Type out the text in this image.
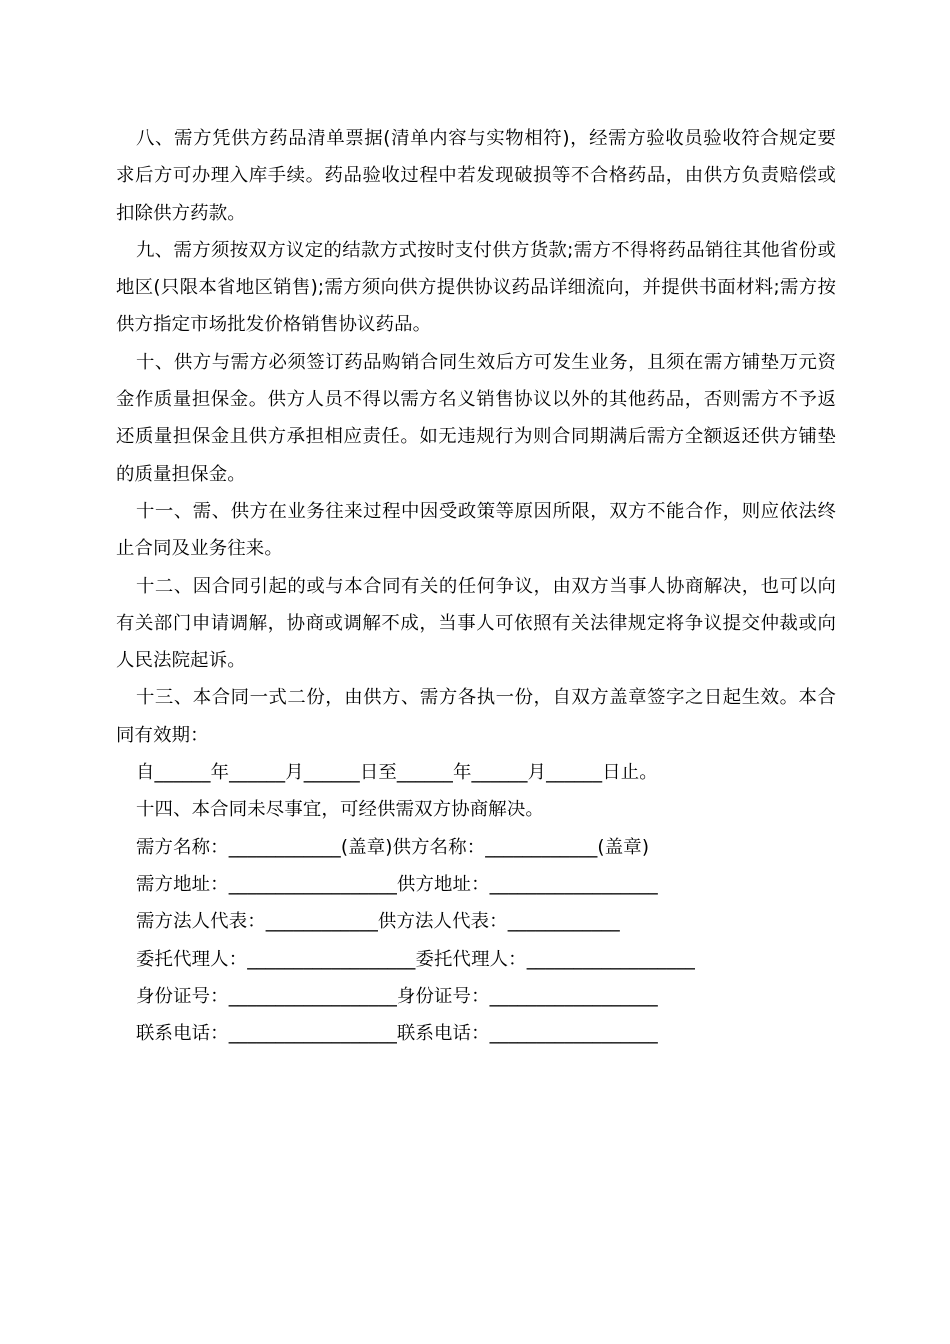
八、需方凭供方药品清单票据(清单内容与实物相符)，经需方验收员验收符合规定要求后方可办理入库手续。药品验收过程中若发现破损等不合格药品，由供方负责赔偿或扣除供方药款。

九、需方须按双方议定的结款方式按时支付供方货款;需方不得将药品销往其他省份或地区(只限本省地区销售);需方须向供方提供协议药品详细流向，并提供书面材料;需方按供方指定市场批发价格销售协议药品。

十、供方与需方必须签订药品购销合同生效后方可发生业务，且须在需方铺垫万元资金作质量担保金。供方人员不得以需方名义销售协议以外的其他药品，否则需方不予返还质量担保金且供方承担相应责任。如无违规行为则合同期满后需方全额返还供方铺垫的质量担保金。

十一、需、供方在业务往来过程中因受政策等原因所限，双方不能合作，则应依法终止合同及业务往来。

十二、因合同引起的或与本合同有关的任何争议，由双方当事人协商解决，也可以向有关部门申请调解，协商或调解不成，当事人可依照有关法律规定将争议提交仲裁或向人民法院起诉。

十三、本合同一式二份，由供方、需方各执一份，自双方盖章签字之日起生效。本合同有效期：

自______年______月______日至______年______月______日止。

十四、本合同未尽事宜，可经供需双方协商解决。

需方名称：____________(盖章)供方名称：____________(盖章)

需方地址：__________________供方地址：__________________

需方法人代表：____________供方法人代表：____________

委托代理人：__________________委托代理人：__________________

身份证号：__________________身份证号：__________________

联系电话：__________________联系电话：__________________
